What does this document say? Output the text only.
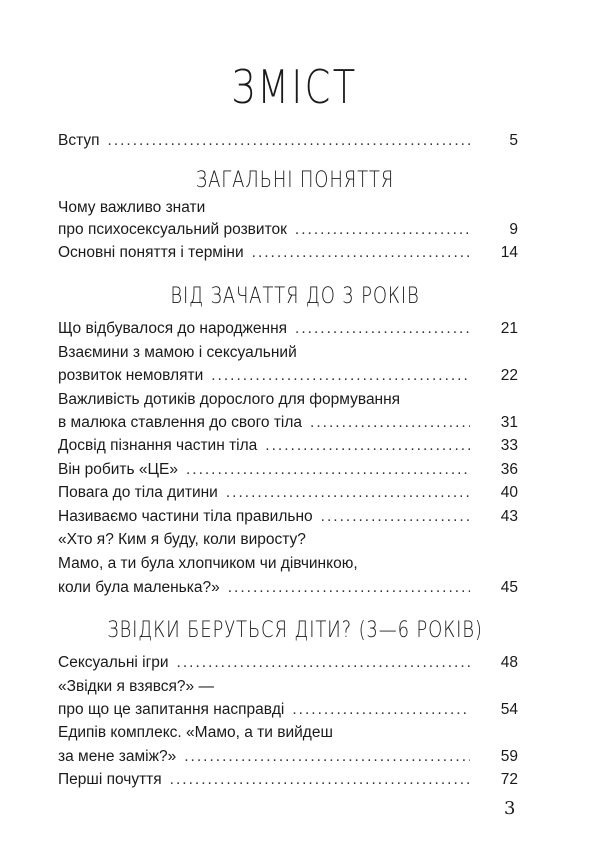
ЗМІСТ
Вступ .....	5
ЗАГАЛЬНІ ПОНЯТТЯ
Чому важливо знати
про психосексуальний розвиток .....	9
Основні поняття і терміни .....	14
ВІД ЗАЧАТТЯ ДО 3 РОКІВ
Що відбувалося до народження .....	21
Взаємини з мамою і сексуальний
розвиток немовляти .....	22
Важливість дотиків дорослого для формування
в малюка ставлення до свого тіла .....	31
Досвід пізнання частин тіла .....	33
Він робить «ЦЕ» .....	36
Повага до тіла дитини .....	40
Називаємо частини тіла правильно .....	43
«Хто я? Ким я буду, коли виросту?
Мамо, а ти була хлопчиком чи дівчинкою,
коли була маленька?» .....	45
ЗВІДКИ БЕРУТЬСЯ ДІТИ? (3—6 РОКІВ)
Сексуальні ігри .....	48
«Звідки я взявся?» —
про що це запитання насправді .....	54
Едипів комплекс. «Мамо, а ти вийдеш
за мене заміж?» .....	59
Перші почуття .....	72
3
